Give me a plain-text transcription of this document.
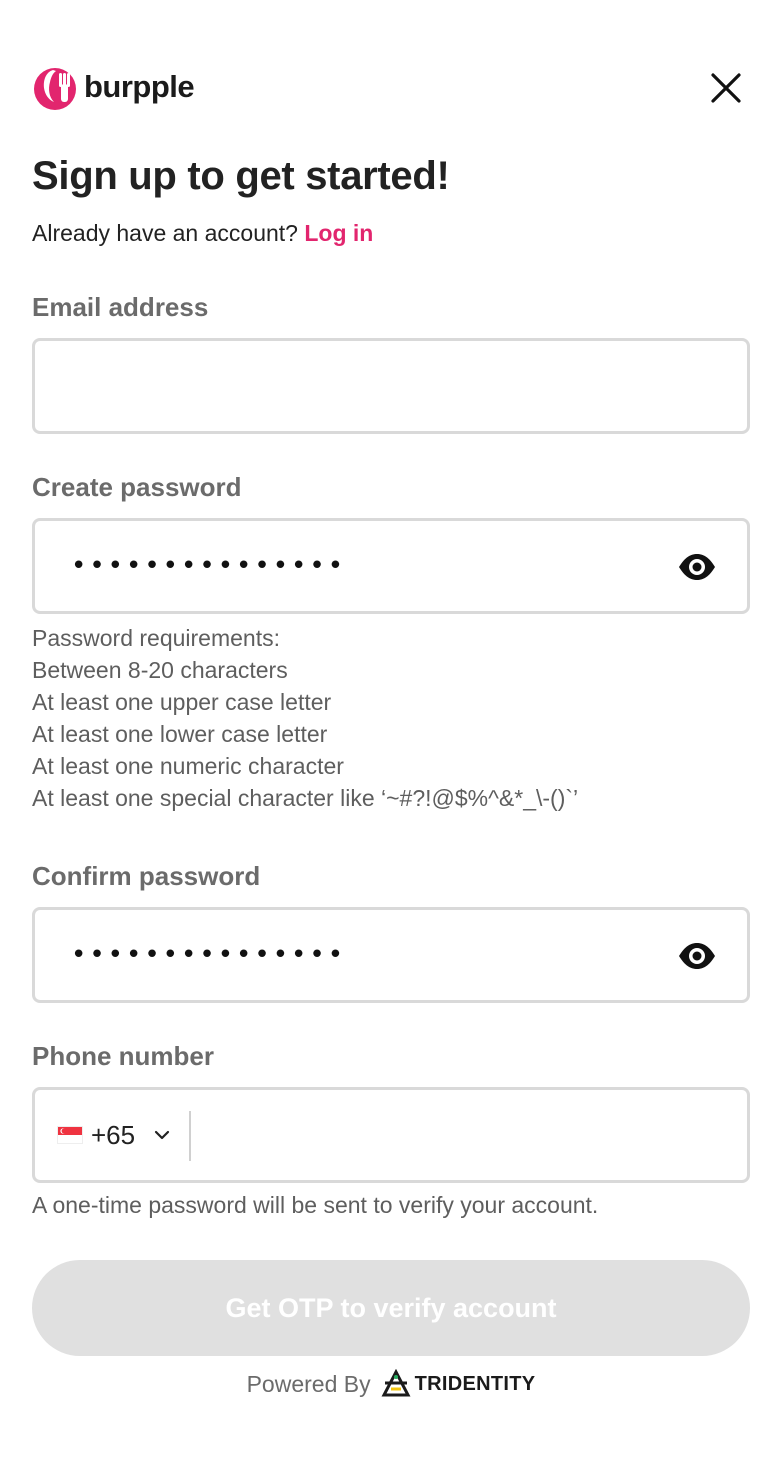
burpple
Sign up to get started!
Already have an account? Log in
Email address
Create password
•••••••••••••••
Password requirements:
Between 8-20 characters
At least one upper case letter
At least one lower case letter
At least one numeric character
At least one special character like ‘~#?!@$%^&*_\-()`’
Confirm password
•••••••••••••••
Phone number
+65
A one-time password will be sent to verify your account.
Get OTP to verify account
Powered By TRIDENTITY
